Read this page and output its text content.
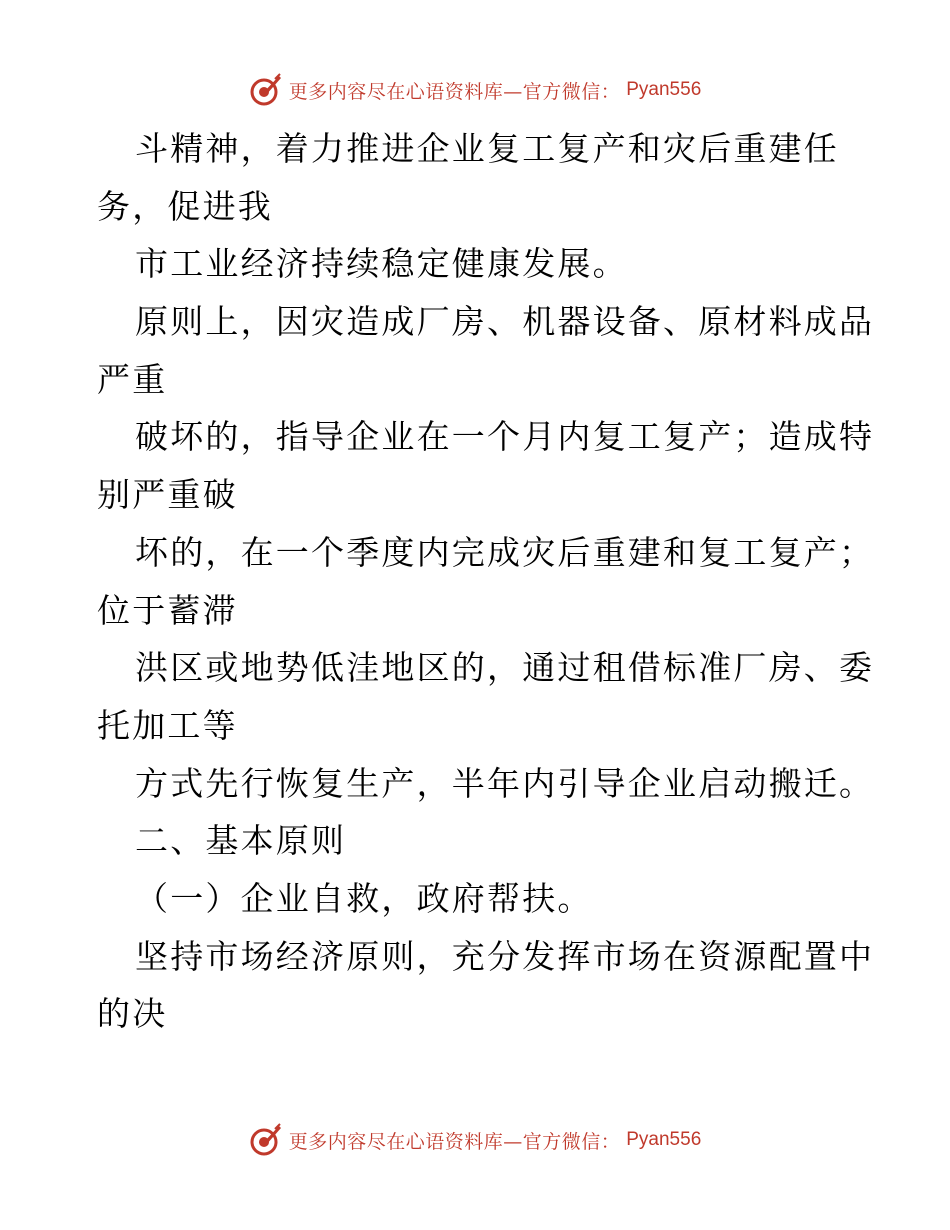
更多内容尽在心语资料库—官方微信： Pyan556
斗精神，着力推进企业复工复产和灾后重建任
务，促进我
市工业经济持续稳定健康发展。
原则上，因灾造成厂房、机器设备、原材料成品
严重
破坏的，指导企业在一个月内复工复产；造成特
别严重破
坏的，在一个季度内完成灾后重建和复工复产；
位于蓄滞
洪区或地势低洼地区的，通过租借标准厂房、委
托加工等
方式先行恢复生产，半年内引导企业启动搬迁。
二、基本原则
（一）企业自救，政府帮扶。
坚持市场经济原则，充分发挥市场在资源配置中
的决
更多内容尽在心语资料库—官方微信： Pyan556
